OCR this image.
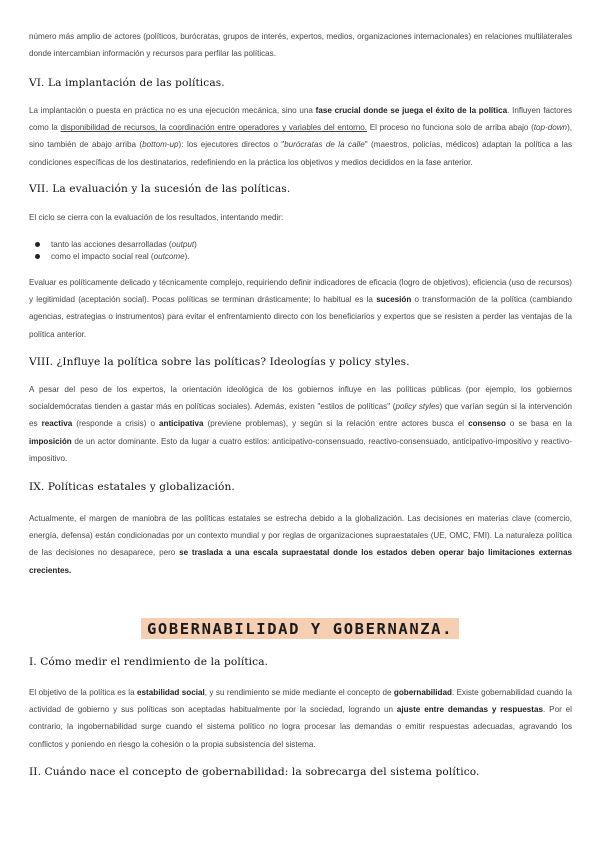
número más amplio de actores (políticos, burócratas, grupos de interés, expertos, medios, organizaciones internacionales) en relaciones multilaterales donde intercambian información y recursos para perfilar las políticas.

VI. La implantación de las políticas.

La implantación o puesta en práctica no es una ejecución mecánica, sino una fase crucial donde se juega el éxito de la política. Influyen factores como la disponibilidad de recursos, la coordinación entre operadores y variables del entorno. El proceso no funciona solo de arriba abajo (top-down), sino también de abajo arriba (bottom-up): los ejecutores directos o "burócratas de la calle" (maestros, policías, médicos) adaptan la política a las condiciones específicas de los destinatarios, redefiniendo en la práctica los objetivos y medios decididos en la fase anterior.

VII. La evaluación y la sucesión de las políticas.

El ciclo se cierra con la evaluación de los resultados, intentando medir:

tanto las acciones desarrolladas (output)
como el impacto social real (outcome).

Evaluar es políticamente delicado y técnicamente complejo, requiriendo definir indicadores de eficacia (logro de objetivos), eficiencia (uso de recursos) y legitimidad (aceptación social). Pocas políticas se terminan drásticamente; lo habitual es la sucesión o transformación de la política (cambiando agencias, estrategias o instrumentos) para evitar el enfrentamiento directo con los beneficiarios y expertos que se resisten a perder las ventajas de la política anterior.

VIII. ¿Influye la política sobre las políticas? Ideologías y policy styles.

A pesar del peso de los expertos, la orientación ideológica de los gobiernos influye en las políticas públicas (por ejemplo, los gobiernos socialdemócratas tienden a gastar más en políticas sociales). Además, existen "estilos de políticas" (policy styles) que varían según si la intervención es reactiva (responde a crisis) o anticipativa (previene problemas), y según si la relación entre actores busca el consenso o se basa en la imposición de un actor dominante. Esto da lugar a cuatro estilos: anticipativo-consensuado, reactivo-consensuado, anticipativo-impositivo y reactivo-impositivo.

IX. Políticas estatales y globalización.

Actualmente, el margen de maniobra de las políticas estatales se estrecha debido a la globalización. Las decisiones en materias clave (comercio, energía, defensa) están condicionadas por un contexto mundial y por reglas de organizaciones supraestatales (UE, OMC, FMI). La naturaleza política de las decisiones no desaparece, pero se traslada a una escala supraestatal donde los estados deben operar bajo limitaciones externas crecientes.

GOBERNABILIDAD Y GOBERNANZA.
I. Cómo medir el rendimiento de la política.

El objetivo de la política es la estabilidad social, y su rendimiento se mide mediante el concepto de gobernabilidad. Existe gobernabilidad cuando la actividad de gobierno y sus políticas son aceptadas habitualmente por la sociedad, logrando un ajuste entre demandas y respuestas. Por el contrario, la ingobernabilidad surge cuando el sistema político no logra procesar las demandas o emitir respuestas adecuadas, agravando los conflictos y poniendo en riesgo la cohesión o la propia subsistencia del sistema.

II. Cuándo nace el concepto de gobernabilidad: la sobrecarga del sistema político.
